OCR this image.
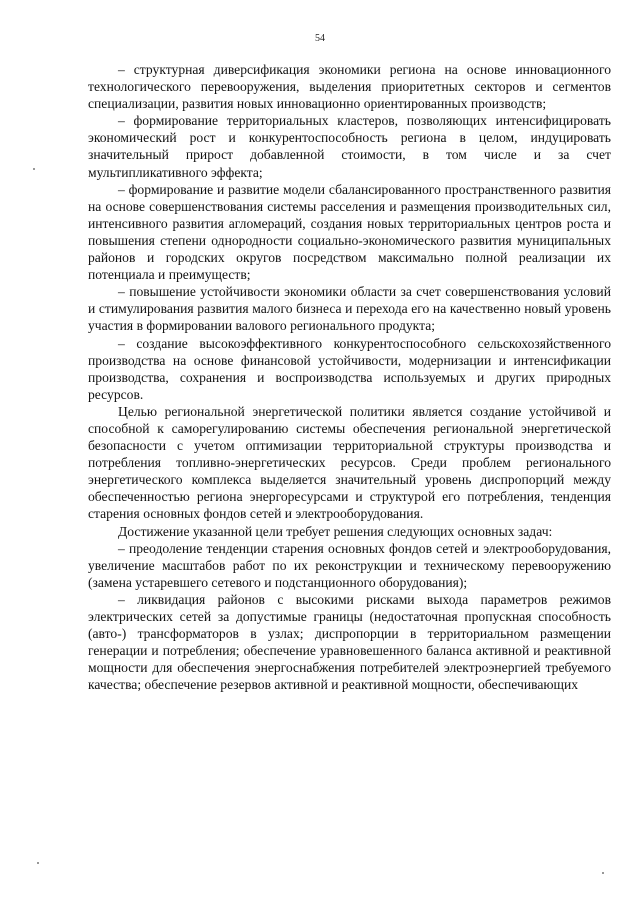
54

– структурная диверсификация экономики региона на основе инновационного технологического перевооружения, выделения приоритетных секторов и сегментов специализации, развития новых инновационно ориентированных производств;

– формирование территориальных кластеров, позволяющих интенсифицировать экономический рост и конкурентоспособность региона в целом, индуцировать значительный прирост добавленной стоимости, в том числе и за счет мультипликативного эффекта;

– формирование и развитие модели сбалансированного пространственного развития на основе совершенствования системы расселения и размещения производительных сил, интенсивного развития агломераций, создания новых территориальных центров роста и повышения степени однородности социально-экономического развития муниципальных районов и городских округов посредством максимально полной реализации их потенциала и преимуществ;

– повышение устойчивости экономики области за счет совершенствования условий и стимулирования развития малого бизнеса и перехода его на качественно новый уровень участия в формировании валового регионального продукта;

– создание высокоэффективного конкурентоспособного сельскохозяйственного производства на основе финансовой устойчивости, модернизации и интенсификации производства, сохранения и воспроизводства используемых и других природных ресурсов.

Целью региональной энергетической политики является создание устойчивой и способной к саморегулированию системы обеспечения региональной энергетической безопасности с учетом оптимизации территориальной структуры производства и потребления топливно-энергетических ресурсов. Среди проблем регионального энергетического комплекса выделяется значительный уровень диспропорций между обеспеченностью региона энергоресурсами и структурой его потребления, тенденция старения основных фондов сетей и электрооборудования.

Достижение указанной цели требует решения следующих основных задач:

– преодоление тенденции старения основных фондов сетей и электрооборудования, увеличение масштабов работ по их реконструкции и техническому перевооружению (замена устаревшего сетевого и подстанционного оборудования);

– ликвидация районов с высокими рисками выхода параметров режимов электрических сетей за допустимые границы (недостаточная пропускная способность (авто-) трансформаторов в узлах; диспропорции в территориальном размещении генерации и потребления; обеспечение уравновешенного баланса активной и реактивной мощности для обеспечения энергоснабжения потребителей электроэнергией требуемого качества; обеспечение резервов активной и реактивной мощности, обеспечивающих
